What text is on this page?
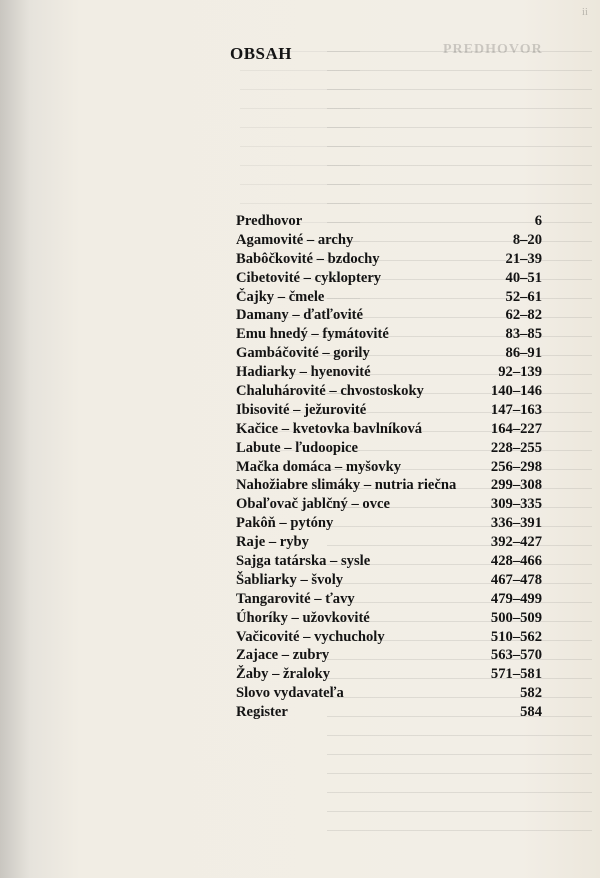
PREDHOVOR
ii
OBSAH
Predhovor	6
Agamovité – archy	8–20
Babôčkovité – bzdochy	21–39
Cibetovité – cykloptery	40–51
Čajky – čmele	52–61
Damany – ďatľovité	62–82
Emu hnedý – fymátovité	83–85
Gambáčovité – gorily	86–91
Hadiarky – hyenovité	92–139
Chaluhárovité – chvostoskoky	140–146
Ibisovité – ježurovité	147–163
Kačice – kvetovka bavlníková	164–227
Labute – ľudoopice	228–255
Mačka domáca – myšovky	256–298
Nahožiabre slimáky – nutria riečna 299–308
Obaľovač jablčný – ovce	309–335
Pakôň – pytóny	336–391
Raje – ryby	392–427
Sajga tatárska – sysle	428–466
Šabliarky – švoly	467–478
Tangarovité – ťavy	479–499
Úhoríky – užovkovité	500–509
Vačicovité – vychucholy	510–562
Zajace – zubry	563–570
Žaby – žraloky	571–581
Slovo vydavateľa	582
Register	584
